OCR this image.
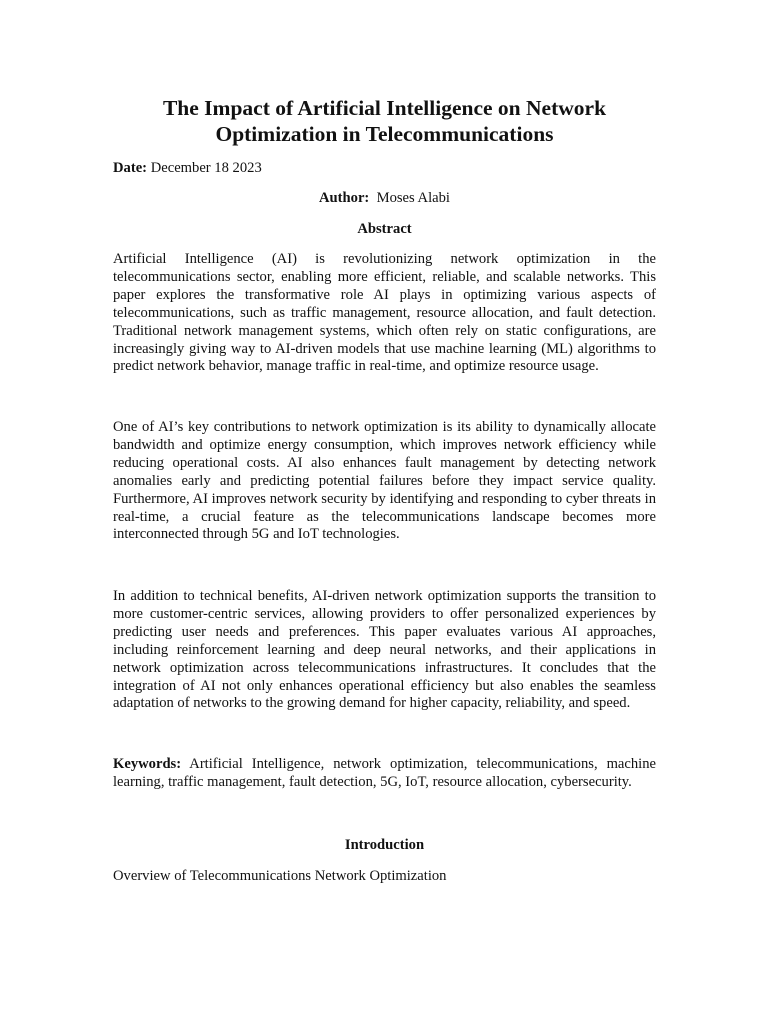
The Impact of Artificial Intelligence on Network Optimization in Telecommunications
Date: December 18 2023
Author: Moses Alabi
Abstract

Artificial Intelligence (AI) is revolutionizing network optimization in the telecommunications sector, enabling more efficient, reliable, and scalable networks. This paper explores the transformative role AI plays in optimizing various aspects of telecommunications, such as traffic management, resource allocation, and fault detection. Traditional network management systems, which often rely on static configurations, are increasingly giving way to AI-driven models that use machine learning (ML) algorithms to predict network behavior, manage traffic in real-time, and optimize resource usage.

One of AI’s key contributions to network optimization is its ability to dynamically allocate bandwidth and optimize energy consumption, which improves network efficiency while reducing operational costs. AI also enhances fault management by detecting network anomalies early and predicting potential failures before they impact service quality. Furthermore, AI improves network security by identifying and responding to cyber threats in real-time, a crucial feature as the telecommunications landscape becomes more interconnected through 5G and IoT technologies.

In addition to technical benefits, AI-driven network optimization supports the transition to more customer-centric services, allowing providers to offer personalized experiences by predicting user needs and preferences. This paper evaluates various AI approaches, including reinforcement learning and deep neural networks, and their applications in network optimization across telecommunications infrastructures. It concludes that the integration of AI not only enhances operational efficiency but also enables the seamless adaptation of networks to the growing demand for higher capacity, reliability, and speed.

Keywords: Artificial Intelligence, network optimization, telecommunications, machine learning, traffic management, fault detection, 5G, IoT, resource allocation, cybersecurity.

Introduction

Overview of Telecommunications Network Optimization
